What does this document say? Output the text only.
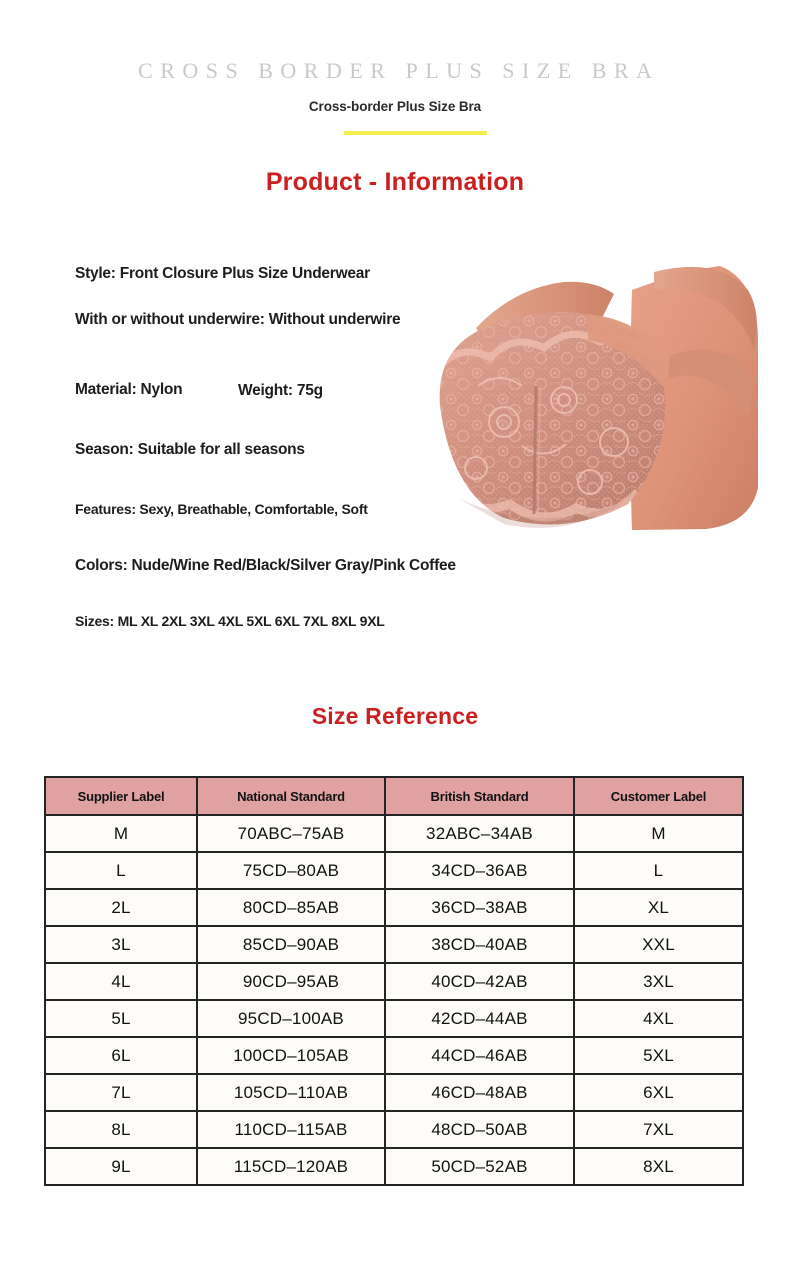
CROSS BORDER PLUS SIZE BRA
Cross-border Plus Size Bra
Product - Information
Style: Front Closure Plus Size Underwear
With or without underwire: Without underwire
Material: Nylon	Weight: 75g
Season: Suitable for all seasons
Features: Sexy, Breathable, Comfortable, Soft
Colors: Nude/Wine Red/Black/Silver Gray/Pink Coffee
Sizes: ML XL 2XL 3XL 4XL 5XL 6XL 7XL 8XL 9XL
Size Reference
Supplier Label	National Standard	British Standard	Customer Label
M	70ABC–75AB	32ABC–34AB	M
L	75CD–80AB	34CD–36AB	L
2L	80CD–85AB	36CD–38AB	XL
3L	85CD–90AB	38CD–40AB	XXL
4L	90CD–95AB	40CD–42AB	3XL
5L	95CD–100AB	42CD–44AB	4XL
6L	100CD–105AB	44CD–46AB	5XL
7L	105CD–110AB	46CD–48AB	6XL
8L	110CD–115AB	48CD–50AB	7XL
9L	115CD–120AB	50CD–52AB	8XL
